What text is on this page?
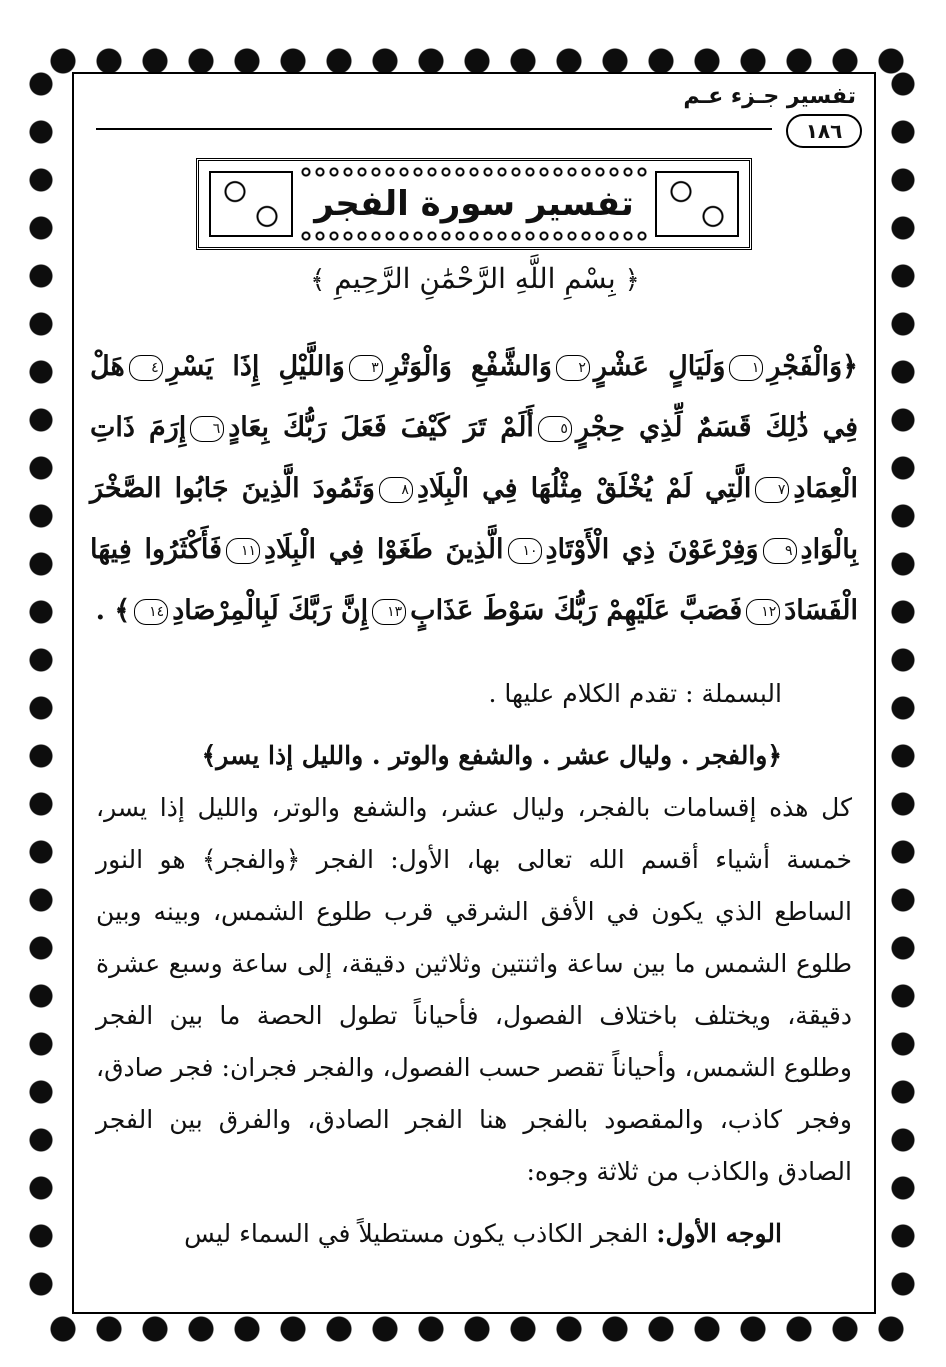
تفسير جـزء عـم
١٨٦
تفسير سورة الفجر
﴿ بِسْمِ اللَّهِ الرَّحْمَٰنِ الرَّحِيمِ ﴾
﴿وَالْفَجْرِ١وَلَيَالٍ عَشْرٍ٢وَالشَّفْعِ وَالْوَتْرِ٣وَاللَّيْلِ إِذَا يَسْرِ٤هَلْ فِي ذَٰلِكَ قَسَمٌ لِّذِي حِجْرٍ٥أَلَمْ تَرَ كَيْفَ فَعَلَ رَبُّكَ بِعَادٍ٦إِرَمَ ذَاتِ الْعِمَادِ٧الَّتِي لَمْ يُخْلَقْ مِثْلُهَا فِي الْبِلَادِ٨وَثَمُودَ الَّذِينَ جَابُوا الصَّخْرَ بِالْوَادِ٩وَفِرْعَوْنَ ذِي الْأَوْتَادِ١٠الَّذِينَ طَغَوْا فِي الْبِلَادِ١١فَأَكْثَرُوا فِيهَا الْفَسَادَ١٢فَصَبَّ عَلَيْهِمْ رَبُّكَ سَوْطَ عَذَابٍ١٣إِنَّ رَبَّكَ لَبِالْمِرْصَادِ١٤﴾ .

البسملة : تقدم الكلام عليها .

﴿والفجر . وليال عشر . والشفع والوتر . والليل إذا يسر﴾

كل هذه إقسامات بالفجر، وليال عشر، والشفع والوتر، والليل إذا يسر، خمسة أشياء أقسم الله تعالى بها، الأول: الفجر ﴿والفجر﴾ هو النور الساطع الذي يكون في الأفق الشرقي قرب طلوع الشمس، وبينه وبين طلوع الشمس ما بين ساعة واثنتين وثلاثين دقيقة، إلى ساعة وسبع عشرة دقيقة، ويختلف باختلاف الفصول، فأحياناً تطول الحصة ما بين الفجر وطلوع الشمس، وأحياناً تقصر حسب الفصول، والفجر فجران: فجر صادق، وفجر كاذب، والمقصود بالفجر هنا الفجر الصادق، والفرق بين الفجر الصادق والكاذب من ثلاثة وجوه:

الوجه الأول: الفجر الكاذب يكون مستطيلاً في السماء ليس
